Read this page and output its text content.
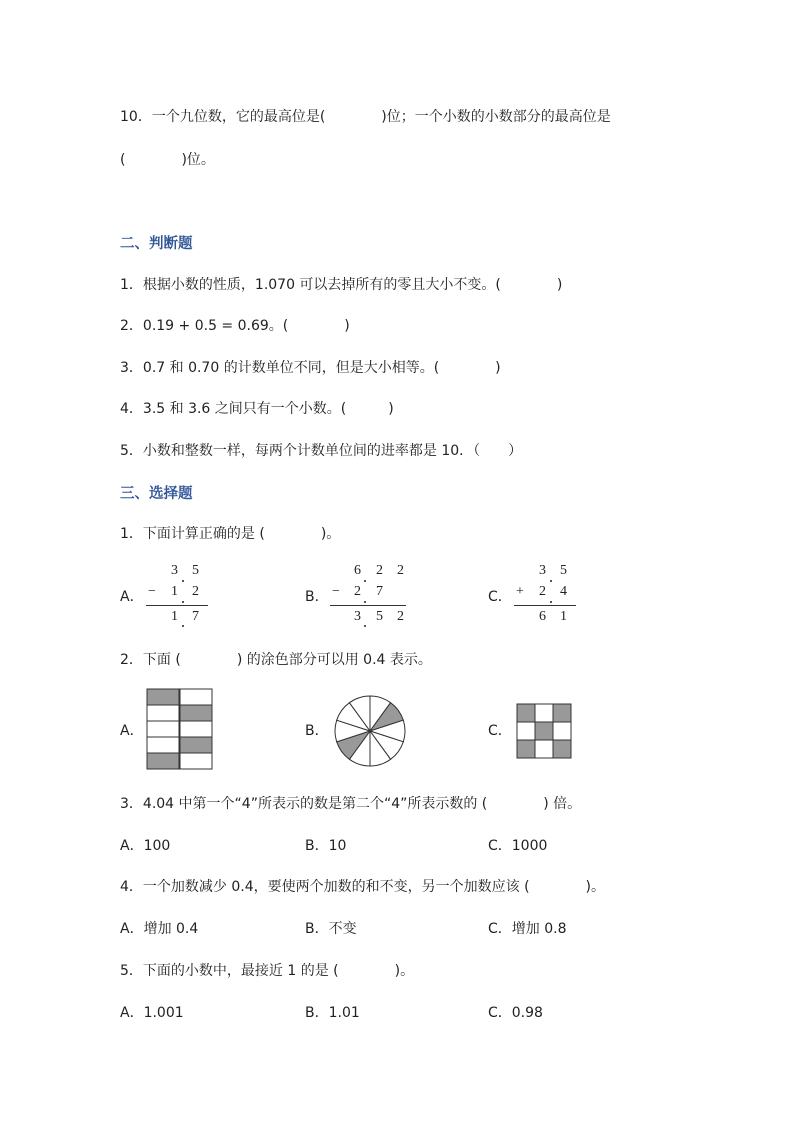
10．一个九位数，它的最高位是(　　　　)位；一个小数的小数部分的最高位是
(　　　　)位。
二、判断题
1．根据小数的性质，1.070 可以去掉所有的零且大小不变。(　　　　)
2．0.19 + 0.5 = 0.69。(　　　　)
3．0.7 和 0.70 的计数单位不同，但是大小相等。(　　　　)
4．3.5 和 3.6 之间只有一个小数。(　　　)
5．小数和整数一样，每两个计数单位间的进率都是 10．（　　）
三、选择题
1．下面计算正确的是 (　　　　)。
A．
3 5
− 1 2
1 7
B．
6 2 2
− 2 7
3 5 2
C．
3 5
+ 2 4
6 1
2．下面 (　　　　) 的涂色部分可以用 0.4 表示。
A．	B．	C．
3．4.04 中第一个“4”所表示的数是第二个“4”所表示数的 (　　　　) 倍。
A．100	B．10	C．1000
4．一个加数减少 0.4，要使两个加数的和不变，另一个加数应该 (　　　　)。
A．增加 0.4	B．不变	C．增加 0.8
5．下面的小数中，最接近 1 的是 (　　　　)。
A．1.001	B．1.01	C．0.98
